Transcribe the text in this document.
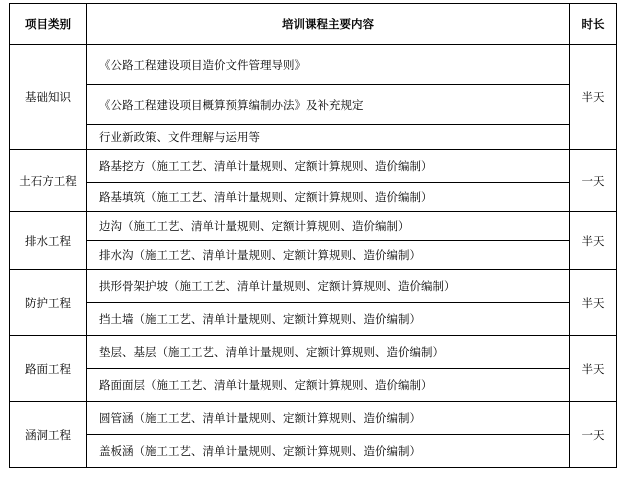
项目类别	培训课程主要内容	时长
基础知识	《公路工程建设项目造价文件管理导则》	半天
	《公路工程建设项目概算预算编制办法》及补充规定	
	行业新政策、文件理解与运用等	
土石方工程	路基挖方（施工工艺、清单计量规则、定额计算规则、造价编制）	一天
	路基填筑（施工工艺、清单计量规则、定额计算规则、造价编制）	
排水工程	边沟（施工工艺、清单计量规则、定额计算规则、造价编制）	半天
	排水沟（施工工艺、清单计量规则、定额计算规则、造价编制）	
防护工程	拱形骨架护坡（施工工艺、清单计量规则、定额计算规则、造价编制）	半天
	挡土墙（施工工艺、清单计量规则、定额计算规则、造价编制）	
路面工程	垫层、基层（施工工艺、清单计量规则、定额计算规则、造价编制）	半天
	路面面层（施工工艺、清单计量规则、定额计算规则、造价编制）	
涵洞工程	圆管涵（施工工艺、清单计量规则、定额计算规则、造价编制）	一天
	盖板涵（施工工艺、清单计量规则、定额计算规则、造价编制）	
